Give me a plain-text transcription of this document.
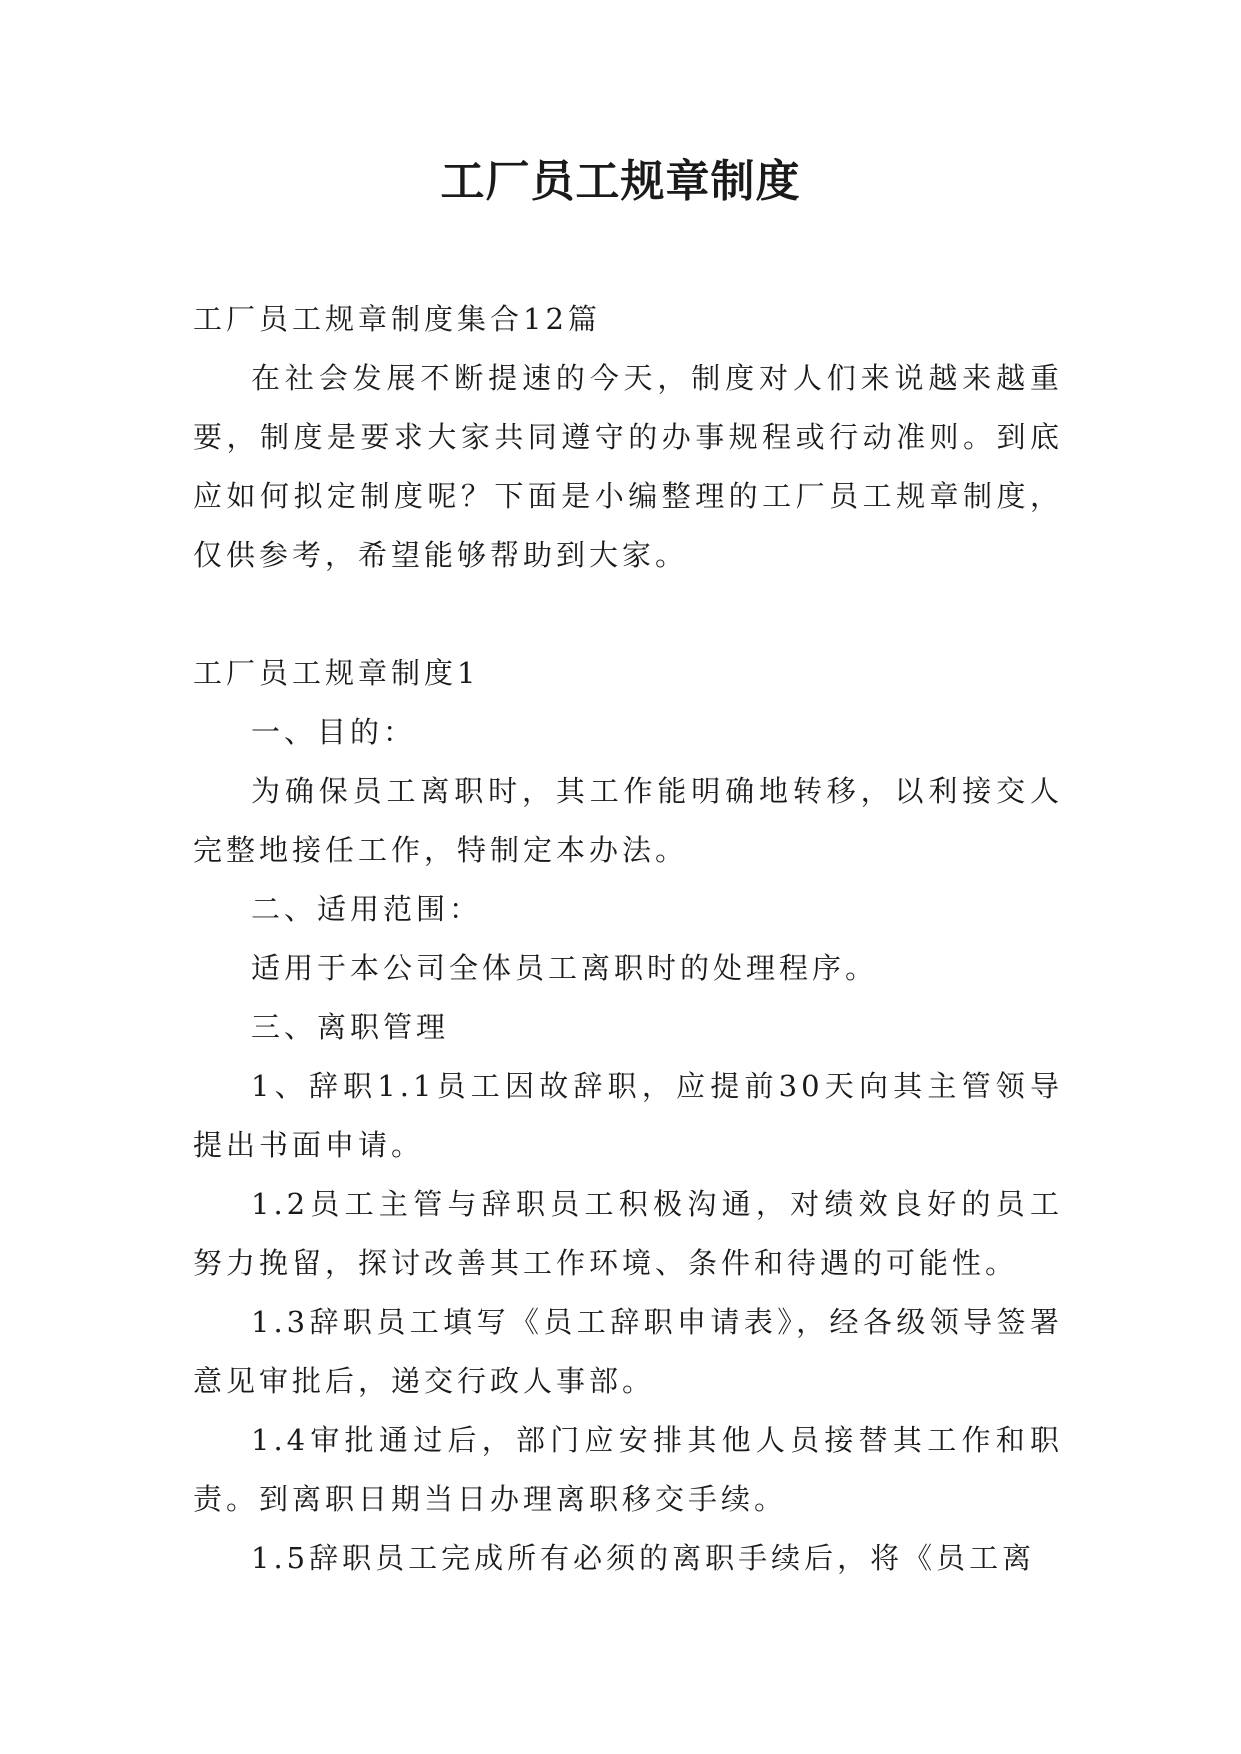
工厂员工规章制度

工厂员工规章制度集合12篇

在社会发展不断提速的今天，制度对人们来说越来越重要，制度是要求大家共同遵守的办事规程或行动准则。到底应如何拟定制度呢？下面是小编整理的工厂员工规章制度，仅供参考，希望能够帮助到大家。

工厂员工规章制度1

一、目的：

为确保员工离职时，其工作能明确地转移，以利接交人完整地接任工作，特制定本办法。

二、适用范围：

适用于本公司全体员工离职时的处理程序。

三、离职管理

1、辞职1.1员工因故辞职，应提前30天向其主管领导提出书面申请。

1.2员工主管与辞职员工积极沟通，对绩效良好的员工努力挽留，探讨改善其工作环境、条件和待遇的可能性。

1.3辞职员工填写《员工辞职申请表》，经各级领导签署意见审批后，递交行政人事部。

1.4审批通过后，部门应安排其他人员接替其工作和职责。到离职日期当日办理离职移交手续。

1.5辞职员工完成所有必须的离职手续后，将《员工离
